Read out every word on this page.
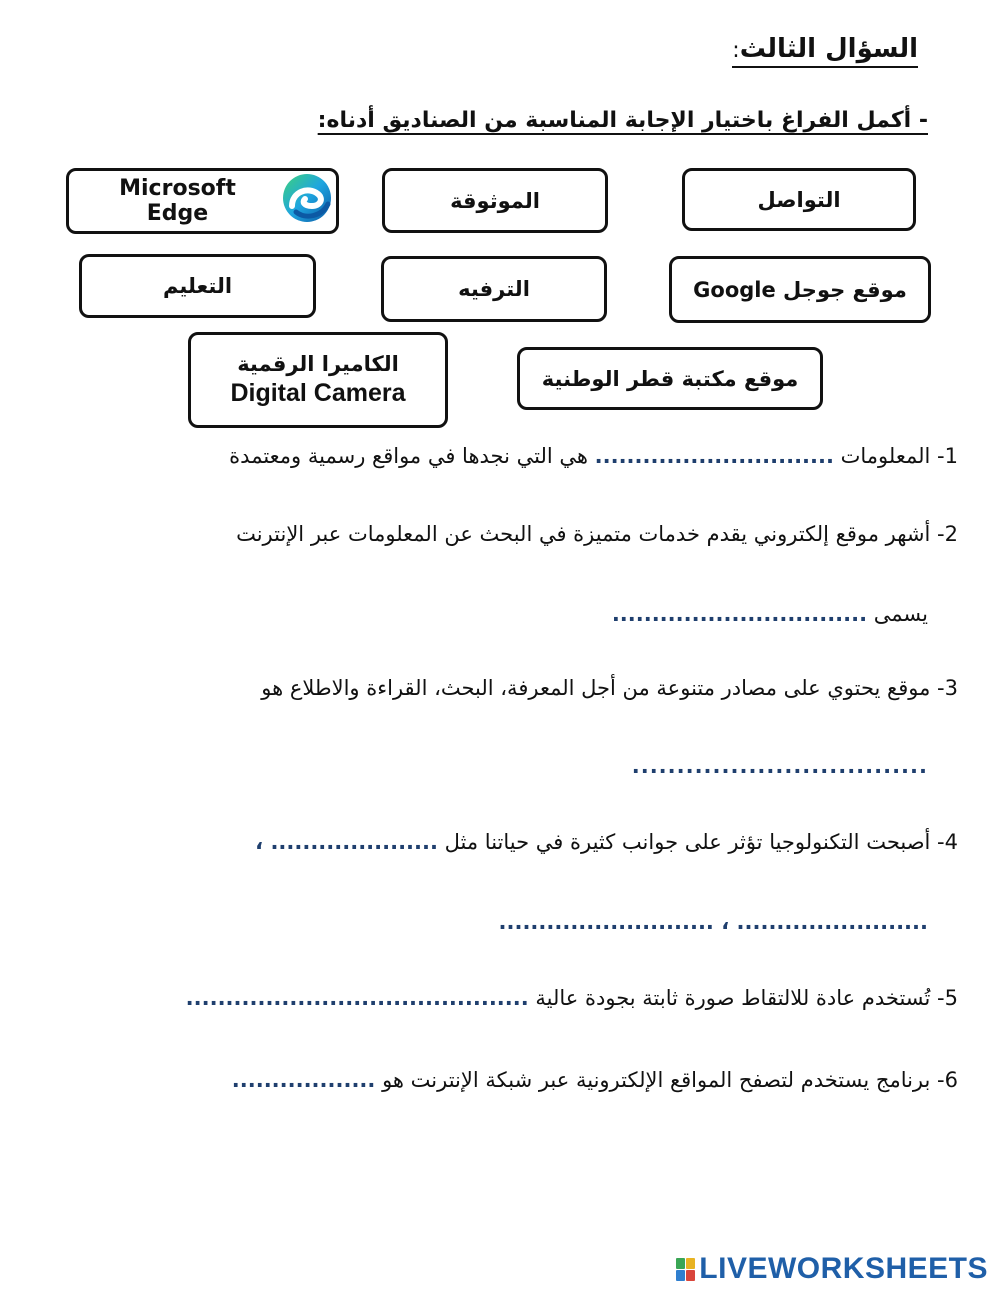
السؤال الثالث:
- أكمل الفراغ باختيار الإجابة المناسبة من الصناديق أدناه:
التواصل
الموثوقة
Microsoft Edge
موقع جوجل Google
الترفيه
التعليم
موقع مكتبة قطر الوطنية
الكاميرا الرقمية
Digital Camera
1- المعلومات .............................. هي التي نجدها في مواقع رسمية ومعتمدة
2- أشهر موقع إلكتروني يقدم خدمات متميزة في البحث عن المعلومات عبر الإنترنت
يسمى ................................
3- موقع يحتوي على مصادر متنوعة من أجل المعرفة، البحث، القراءة والاطلاع هو
.................................
4- أصبحت التكنولوجيا تؤثر على جوانب كثيرة في حياتنا مثل ..................... ،
........................ ، ...........................
5- تُستخدم عادة للالتقاط صورة ثابتة بجودة عالية ...........................................
6- برنامج يستخدم لتصفح المواقع الإلكترونية عبر شبكة الإنترنت هو ..................
LIVEWORKSHEETS
